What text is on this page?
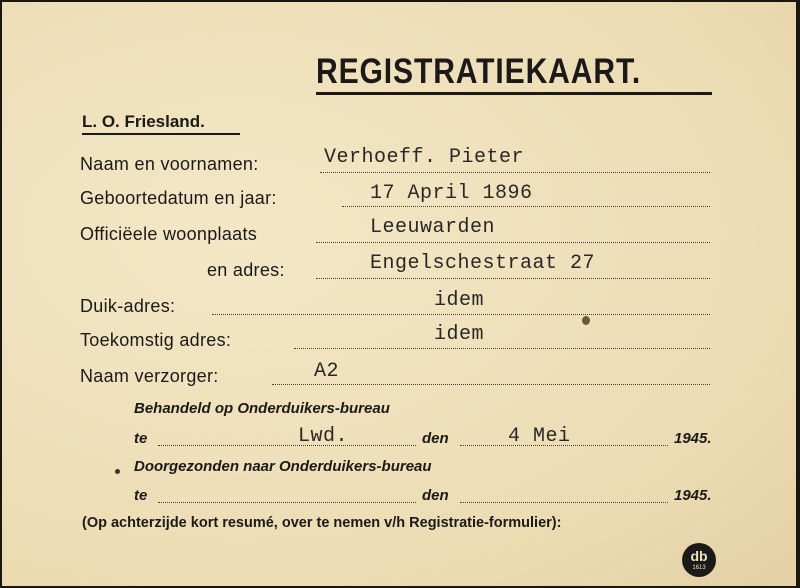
REGISTRATIEKAART.
L. O. Friesland.
Naam en voornamen:	Verhoeff. Pieter
Geboortedatum en jaar:	17 April 1896
Officiëele woonplaats	Leeuwarden
en adres:	Engelschestraat 27
Duik-adres:	idem
Toekomstig adres:	idem
Naam verzorger:	A2
Behandeld op Onderduikers-bureau
te	Lwd.	den	4 Mei	1945.
Doorgezonden naar Onderduikers-bureau
te	den	1945.
(Op achterzijde kort resumé, over te nemen v/h Registratie-formulier):
db
1613
